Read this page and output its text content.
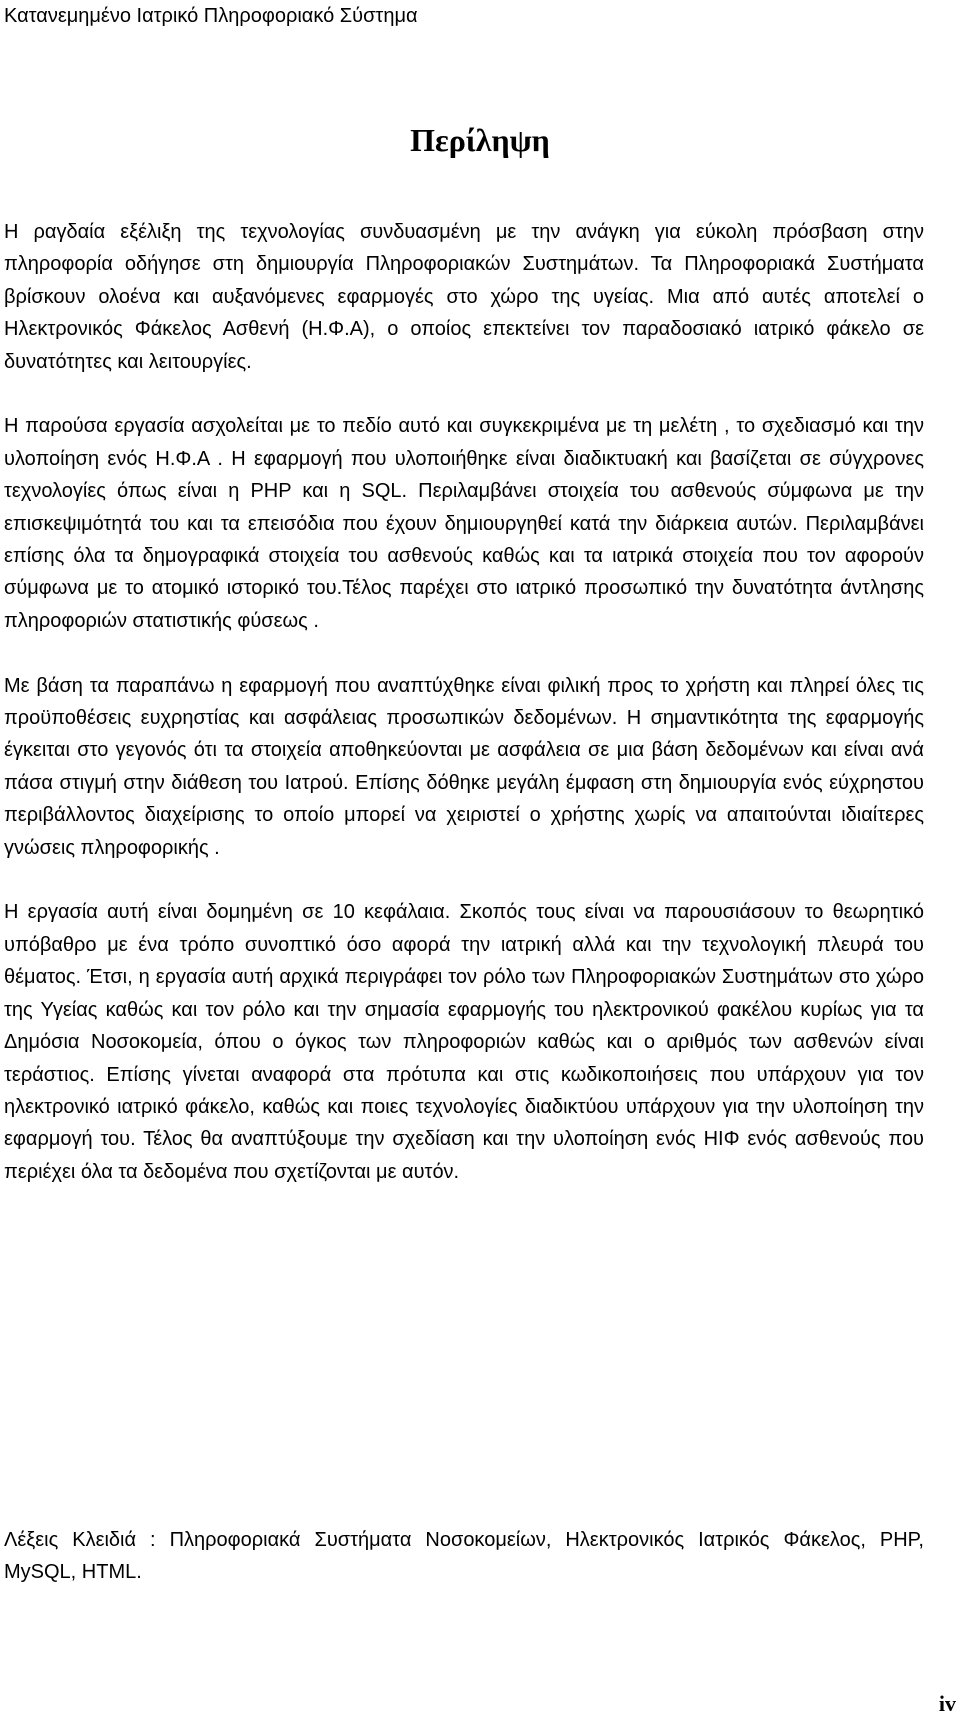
Κατανεμημένο Ιατρικό Πληροφοριακό Σύστημα
Περίληψη

Η ραγδαία εξέλιξη της τεχνολογίας συνδυασμένη με την ανάγκη για εύκολη πρόσβαση στην πληροφορία οδήγησε στη δημιουργία Πληροφοριακών Συστημάτων. Τα Πληροφοριακά Συστήματα βρίσκουν ολοένα και αυξανόμενες εφαρμογές στο χώρο της υγείας. Μια από αυτές αποτελεί ο Ηλεκτρονικός Φάκελος Ασθενή (Η.Φ.Α), ο οποίος επεκτείνει τον παραδοσιακό ιατρικό φάκελο σε δυνατότητες και λειτουργίες.

Η παρούσα εργασία ασχολείται με το πεδίο αυτό και συγκεκριμένα με τη μελέτη , το σχεδιασμό και την υλοποίηση ενός Η.Φ.Α . Η εφαρμογή που υλοποιήθηκε είναι διαδικτυακή και βασίζεται σε σύγχρονες τεχνολογίες όπως είναι η PHP και η SQL. Περιλαμβάνει στοιχεία του ασθενούς σύμφωνα με την επισκεψιμότητά του και τα επεισόδια που έχουν δημιουργηθεί κατά την διάρκεια αυτών. Περιλαμβάνει επίσης όλα τα δημογραφικά στοιχεία του ασθενούς καθώς και τα ιατρικά στοιχεία που τον αφορούν σύμφωνα με το ατομικό ιστορικό του.Τέλος παρέχει στο ιατρικό προσωπικό την δυνατότητα άντλησης πληροφοριών στατιστικής φύσεως .

Με βάση τα παραπάνω η εφαρμογή που αναπτύχθηκε είναι φιλική προς το χρήστη και πληρεί όλες τις προϋποθέσεις ευχρηστίας και ασφάλειας προσωπικών δεδομένων. Η σημαντικότητα της εφαρμογής έγκειται στο γεγονός ότι τα στοιχεία αποθηκεύονται με ασφάλεια σε μια βάση δεδομένων και είναι ανά πάσα στιγμή στην διάθεση του Ιατρού. Επίσης δόθηκε μεγάλη έμφαση στη δημιουργία ενός εύχρηστου περιβάλλοντος διαχείρισης το οποίο μπορεί να χειριστεί ο χρήστης χωρίς να απαιτούνται ιδιαίτερες γνώσεις πληροφορικής .

Η εργασία αυτή είναι δομημένη σε 10 κεφάλαια. Σκοπός τους είναι να παρουσιάσουν το θεωρητικό υπόβαθρο με ένα τρόπο συνοπτικό όσο αφορά την ιατρική αλλά και την τεχνολογική πλευρά του θέματος. Έτσι, η εργασία αυτή αρχικά περιγράφει τον ρόλο των Πληροφοριακών Συστημάτων στο χώρο της Υγείας καθώς και τον ρόλο και την σημασία εφαρμογής του ηλεκτρονικού φακέλου κυρίως για τα Δημόσια Νοσοκομεία, όπου ο όγκος των πληροφοριών καθώς και ο αριθμός των ασθενών είναι τεράστιος. Επίσης γίνεται αναφορά στα πρότυπα και στις κωδικοποιήσεις που υπάρχουν για τον ηλεκτρονικό ιατρικό φάκελο, καθώς και ποιες τεχνολογίες διαδικτύου υπάρχουν για την υλοποίηση την εφαρμογή του. Τέλος θα αναπτύξουμε την σχεδίαση και την υλοποίηση ενός ΗΙΦ ενός ασθενούς που περιέχει όλα τα δεδομένα που σχετίζονται με αυτόν.

Λέξεις Κλειδιά : Πληροφοριακά Συστήματα Νοσοκομείων, Ηλεκτρονικός Ιατρικός Φάκελος, PHP, MySQL, HTML.

iv
